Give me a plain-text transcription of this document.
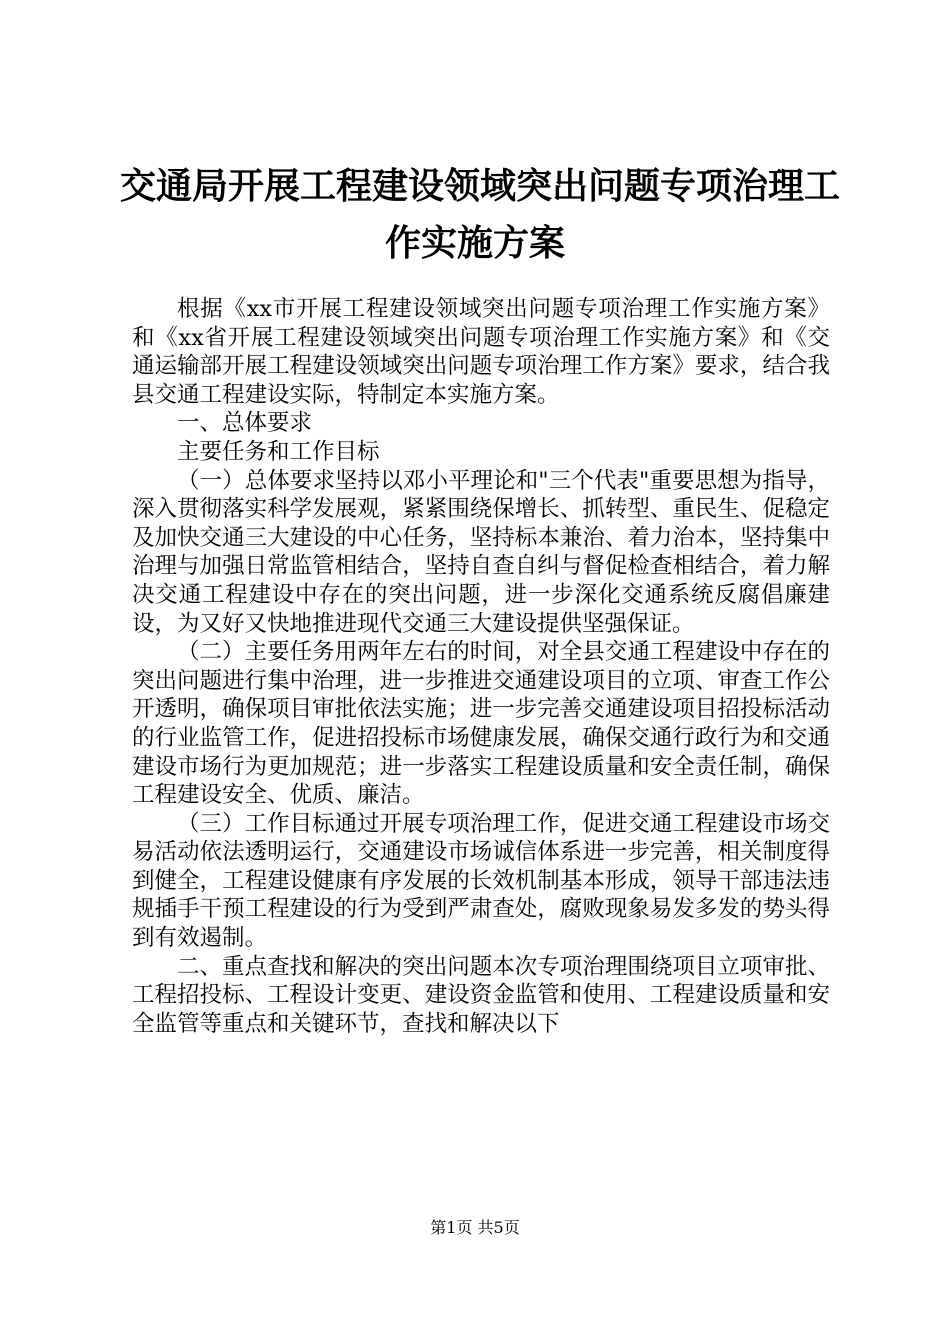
交通局开展工程建设领域突出问题专项治理工
作实施方案

根据《xx市开展工程建设领域突出问题专项治理工作实施方案》和《xx省开展工程建设领域突出问题专项治理工作实施方案》和《交通运输部开展工程建设领域突出问题专项治理工作方案》要求，结合我县交通工程建设实际，特制定本实施方案。

一、总体要求

主要任务和工作目标

（一）总体要求坚持以邓小平理论和"三个代表"重要思想为指导，深入贯彻落实科学发展观，紧紧围绕保增长、抓转型、重民生、促稳定及加快交通三大建设的中心任务，坚持标本兼治、着力治本，坚持集中治理与加强日常监管相结合，坚持自查自纠与督促检查相结合，着力解决交通工程建设中存在的突出问题，进一步深化交通系统反腐倡廉建设，为又好又快地推进现代交通三大建设提供坚强保证。

（二）主要任务用两年左右的时间，对全县交通工程建设中存在的突出问题进行集中治理，进一步推进交通建设项目的立项、审查工作公开透明，确保项目审批依法实施；进一步完善交通建设项目招投标活动的行业监管工作，促进招投标市场健康发展，确保交通行政行为和交通建设市场行为更加规范；进一步落实工程建设质量和安全责任制，确保工程建设安全、优质、廉洁。

（三）工作目标通过开展专项治理工作，促进交通工程建设市场交易活动依法透明运行，交通建设市场诚信体系进一步完善，相关制度得到健全，工程建设健康有序发展的长效机制基本形成，领导干部违法违规插手干预工程建设的行为受到严肃查处，腐败现象易发多发的势头得到有效遏制。

二、重点查找和解决的突出问题本次专项治理围绕项目立项审批、工程招投标、工程设计变更、建设资金监管和使用、工程建设质量和安全监管等重点和关键环节，查找和解决以下

第1页 共5页
